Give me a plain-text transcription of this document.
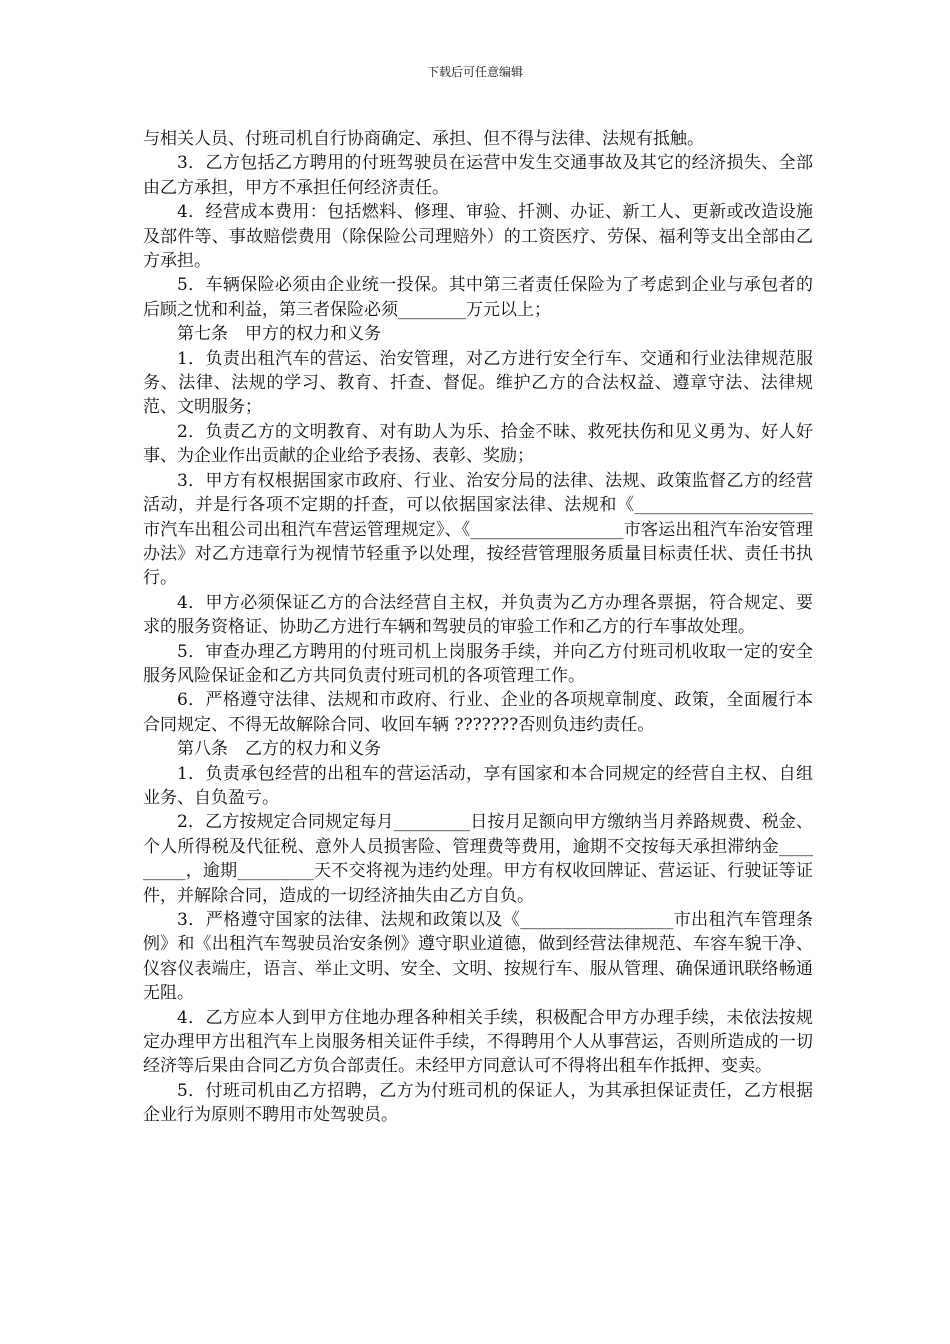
下载后可任意编辑

与相关人员、付班司机自行协商确定、承担、但不得与法律、法规有抵触。

3．乙方包括乙方聘用的付班驾驶员在运营中发生交通事故及其它的经济损失、全部由乙方承担，甲方不承担任何经济责任。

4．经营成本费用：包括燃料、修理、审验、扦测、办证、新工人、更新或改造设施及部件等、事故赔偿费用（除保险公司理赔外）的工资医疗、劳保、福利等支出全部由乙方承担。

5．车辆保险必须由企业统一投保。其中第三者责任保险为了考虑到企业与承包者的后顾之忧和利益，第三者保险必须________万元以上；

第七条　甲方的权力和义务

1．负责出租汽车的营运、治安管理，对乙方进行安全行车、交通和行业法律规范服务、法律、法规的学习、教育、扦查、督促。维护乙方的合法权益、遵章守法、法律规范、文明服务；

2．负责乙方的文明教育、对有助人为乐、拾金不昧、救死扶伤和见义勇为、好人好事、为企业作出贡献的企业给予表扬、表彰、奖励；

3．甲方有权根据国家市政府、行业、治安分局的法律、法规、政策监督乙方的经营活动，并是行各项不定期的扦查，可以依据国家法律、法规和《_____________________市汽车出租公司出租汽车营运管理规定》、《__________________市客运出租汽车治安管理办法》对乙方违章行为视情节轻重予以处理，按经营管理服务质量目标责任状、责任书执行。

4．甲方必须保证乙方的合法经营自主权，并负责为乙方办理各票据，符合规定、要求的服务资格证、协助乙方进行车辆和驾驶员的审验工作和乙方的行车事故处理。

5．审查办理乙方聘用的付班司机上岗服务手续，并向乙方付班司机收取一定的安全服务风险保证金和乙方共同负责付班司机的各项管理工作。

6．严格遵守法律、法规和市政府、行业、企业的各项规章制度、政策，全面履行本合同规定、不得无故解除合同、收回车辆 ???????否则负违约责任。

第八条　乙方的权力和义务

1．负责承包经营的出租车的营运活动，享有国家和本合同规定的经营自主权、自组业务、自负盈亏。

2．乙方按规定合同规定每月_________日按月足额向甲方缴纳当月养路规费、税金、个人所得税及代征税、意外人员损害险、管理费等费用，逾期不交按每天承担滞纳金_________，逾期_________天不交将视为违约处理。甲方有权收回牌证、营运证、行驶证等证件，并解除合同，造成的一切经济抽失由乙方自负。

3．严格遵守国家的法律、法规和政策以及《__________________市出租汽车管理条例》和《出租汽车驾驶员治安条例》遵守职业道德，做到经营法律规范、车容车貌干净、仪容仪表端庄，语言、举止文明、安全、文明、按规行车、服从管理、确保通讯联络畅通无阻。

4．乙方应本人到甲方住地办理各种相关手续，积极配合甲方办理手续，未依法按规定办理甲方出租汽车上岗服务相关证件手续，不得聘用个人从事营运，否则所造成的一切经济等后果由合同乙方负合部责任。未经甲方同意认可不得将出租车作抵押、变卖。

5．付班司机由乙方招聘，乙方为付班司机的保证人，为其承担保证责任，乙方根据企业行为原则不聘用市处驾驶员。
